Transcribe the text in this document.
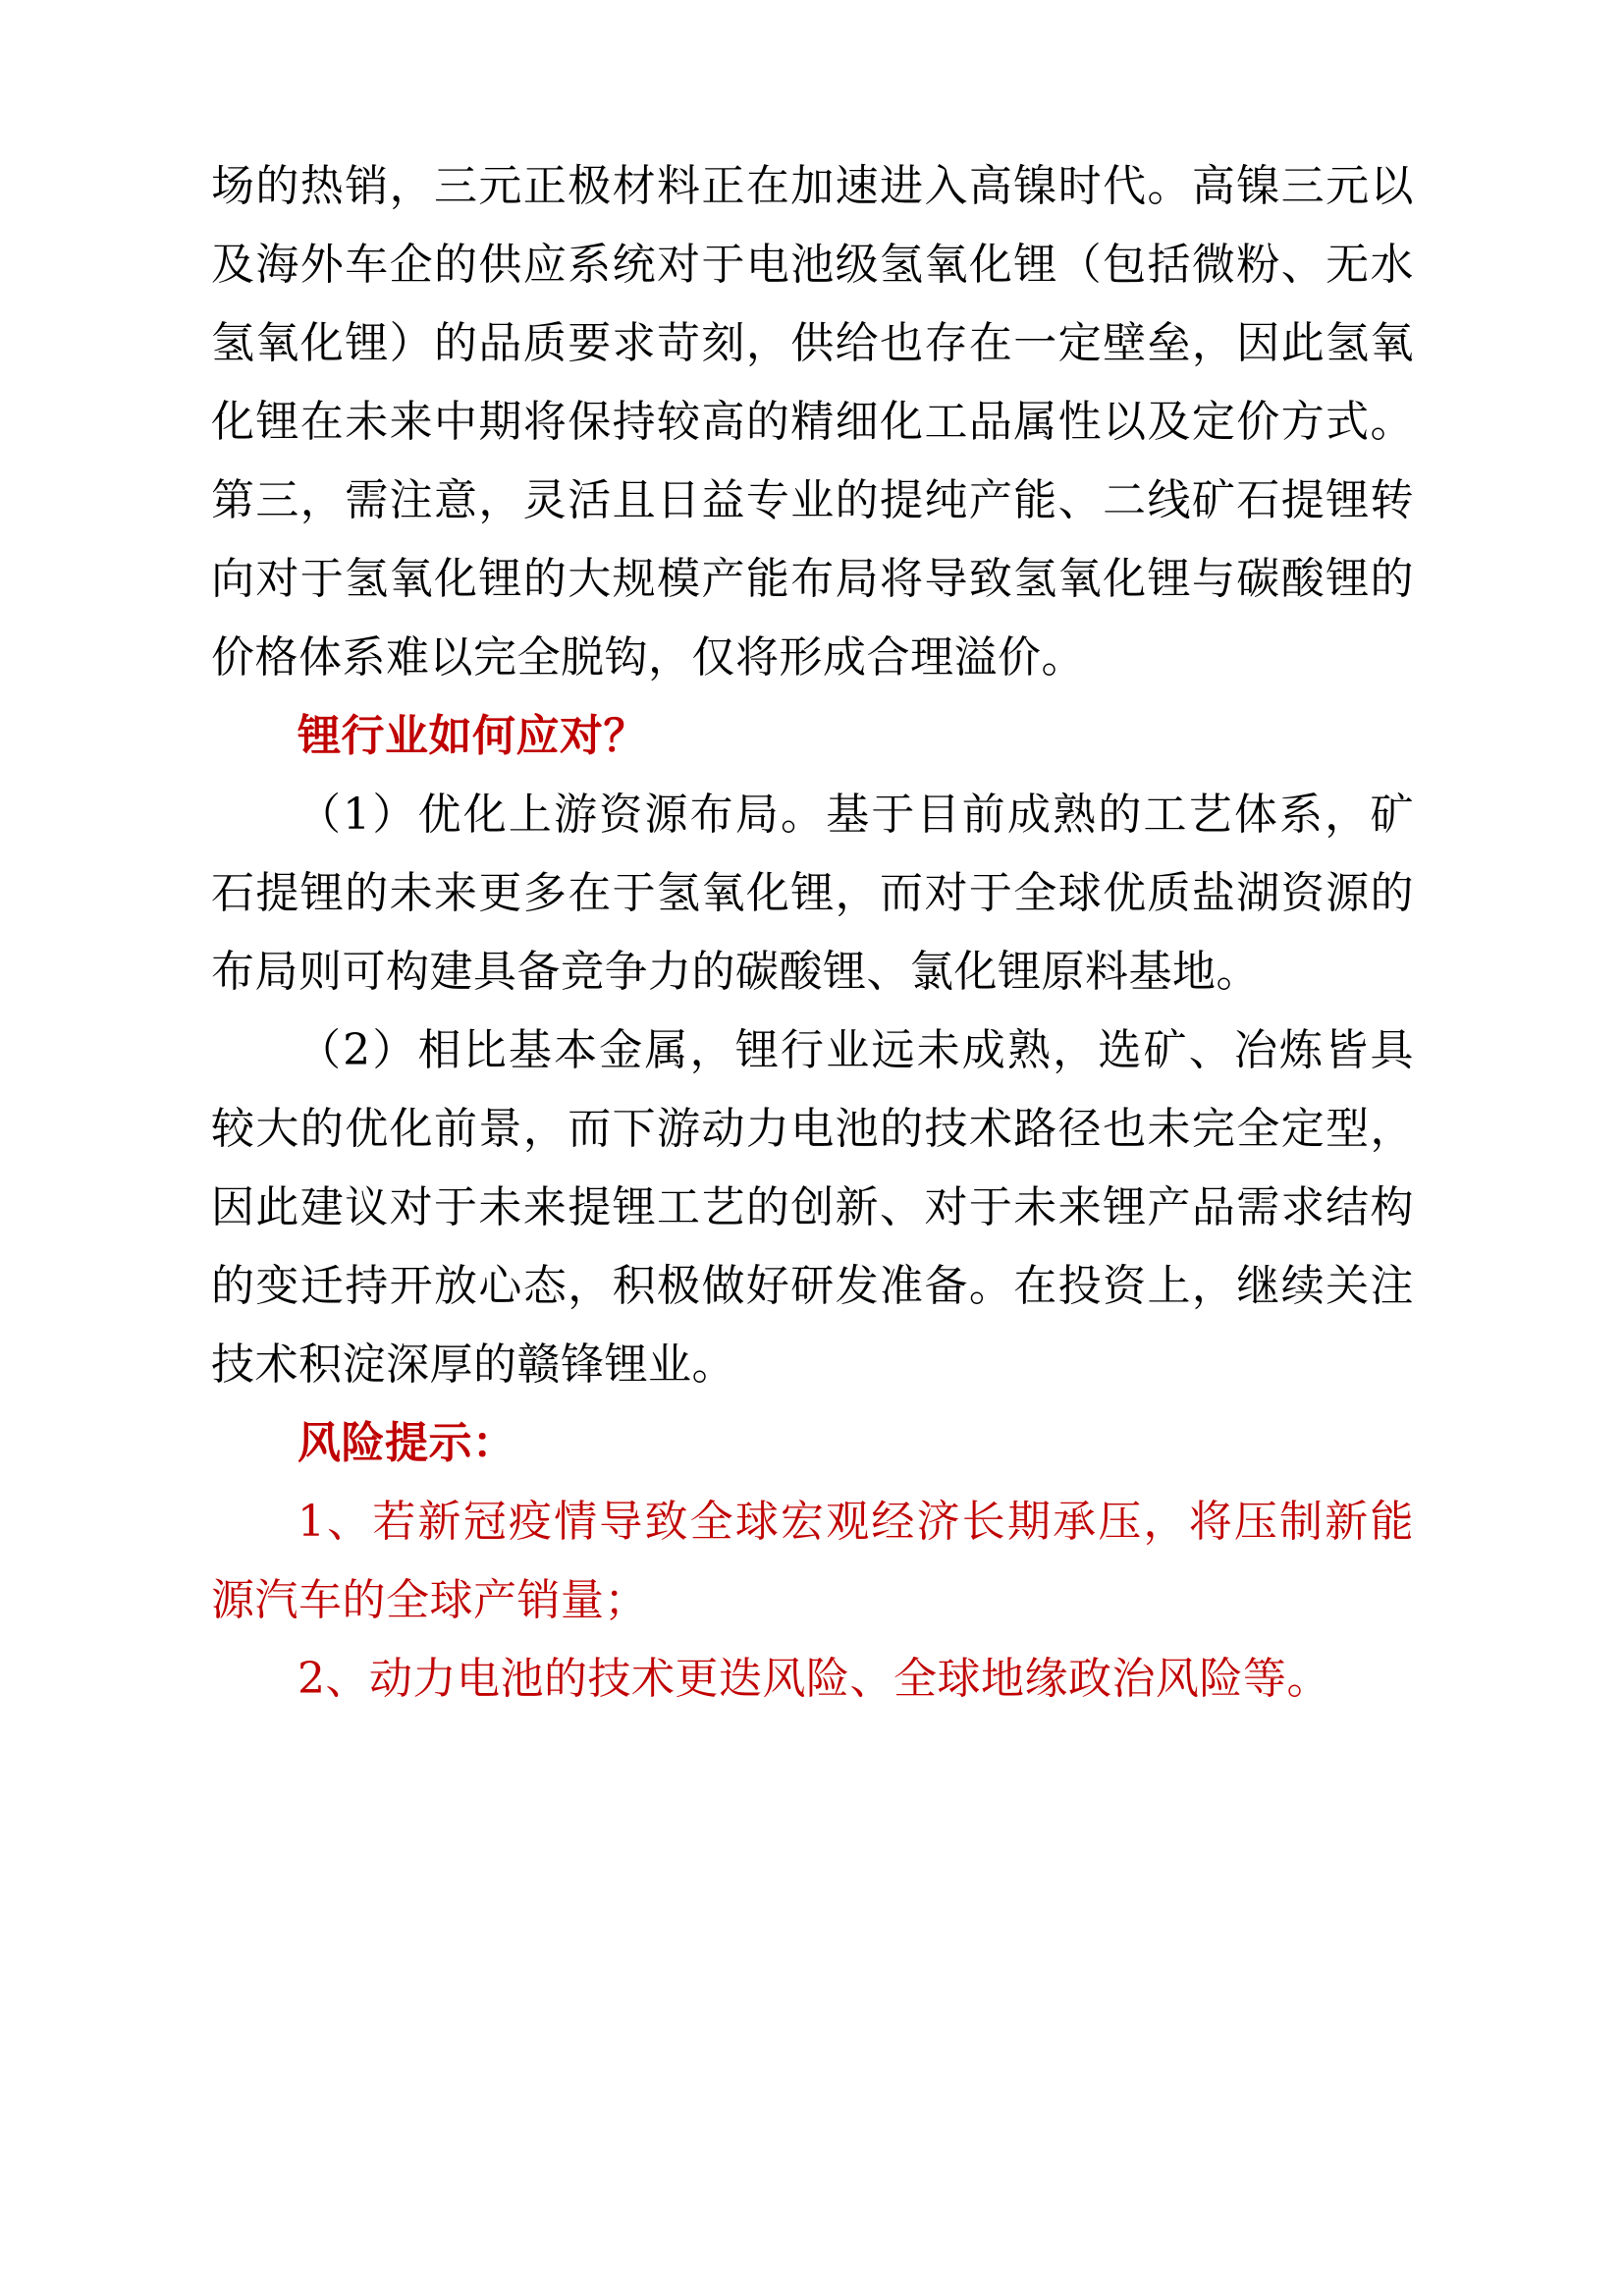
场的热销，三元正极材料正在加速进入高镍时代。高镍三元以及海外车企的供应系统对于电池级氢氧化锂（包括微粉、无水氢氧化锂）的品质要求苛刻，供给也存在一定壁垒，因此氢氧化锂在未来中期将保持较高的精细化工品属性以及定价方式。第三，需注意，灵活且日益专业的提纯产能、二线矿石提锂转向对于氢氧化锂的大规模产能布局将导致氢氧化锂与碳酸锂的价格体系难以完全脱钩，仅将形成合理溢价。

锂行业如何应对？

（1）优化上游资源布局。基于目前成熟的工艺体系，矿石提锂的未来更多在于氢氧化锂，而对于全球优质盐湖资源的布局则可构建具备竞争力的碳酸锂、氯化锂原料基地。

（2）相比基本金属，锂行业远未成熟，选矿、冶炼皆具较大的优化前景，而下游动力电池的技术路径也未完全定型，因此建议对于未来提锂工艺的创新、对于未来锂产品需求结构的变迁持开放心态，积极做好研发准备。在投资上，继续关注技术积淀深厚的赣锋锂业。

风险提示：

1、若新冠疫情导致全球宏观经济长期承压，将压制新能源汽车的全球产销量；

2、动力电池的技术更迭风险、全球地缘政治风险等。
